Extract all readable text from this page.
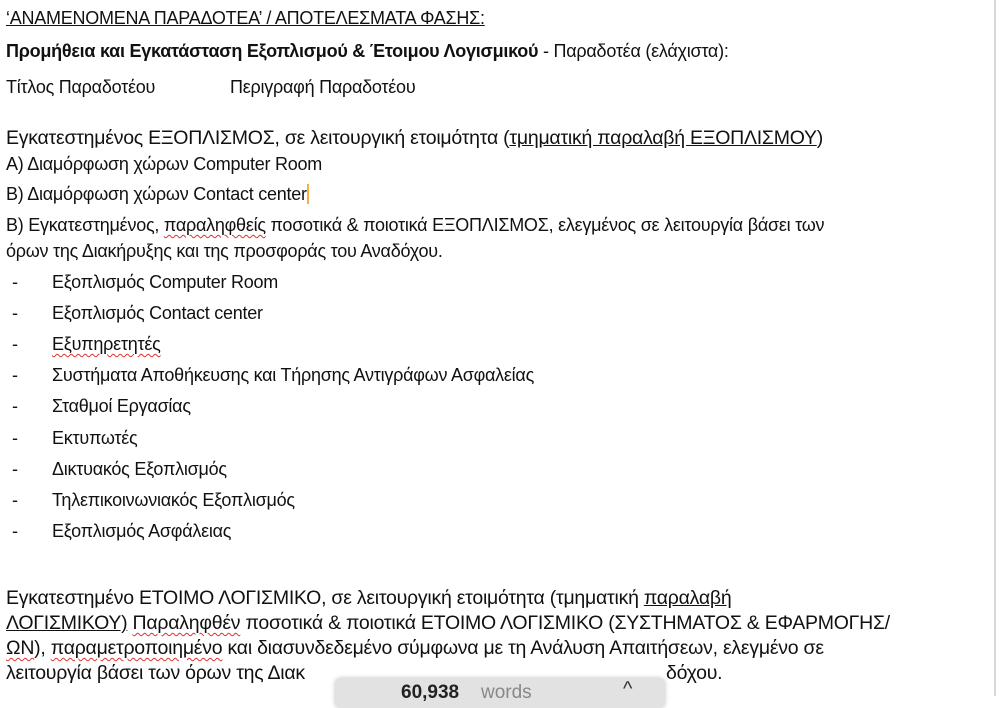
‘ΑΝΑΜΕΝΟΜΕΝΑ ΠΑΡΑΔΟΤΕΑ’ / ΑΠΟΤΕΛΕΣΜΑΤΑ ΦΑΣΗΣ:
Προμήθεια και Εγκατάσταση Εξοπλισμού & Έτοιμου Λογισμικού - Παραδοτέα (ελάχιστα):
Τίτλος Παραδοτέου	Περιγραφή Παραδοτέου
Εγκατεστημένος ΕΞΟΠΛΙΣΜΟΣ, σε λειτουργική ετοιμότητα (τμηματική παραλαβή ΕΞΟΠΛΙΣΜΟΥ)
Α) Διαμόρφωση χώρων Computer Room
Β) Διαμόρφωση χώρων Contact center
Β) Εγκατεστημένος, παραληφθείς ποσοτικά & ποιοτικά ΕΞΟΠΛΙΣΜΟΣ, ελεγμένος σε λειτουργία βάσει των
όρων της Διακήρυξης και της προσφοράς του Αναδόχου.
- Εξοπλισμός Computer Room
- Εξοπλισμός Contact center
- Εξυπηρετητές
- Συστήματα Αποθήκευσης και Τήρησης Αντιγράφων Ασφαλείας
- Σταθμοί Εργασίας
- Εκτυπωτές
- Δικτυακός Εξοπλισμός
- Τηλεπικοινωνιακός Εξοπλισμός
- Εξοπλισμός Ασφάλειας
Εγκατεστημένο ΕΤΟΙΜΟ ΛΟΓΙΣΜΙΚΟ, σε λειτουργική ετοιμότητα (τμηματική παραλαβή
ΛΟΓΙΣΜΙΚΟΥ) Παραληφθέν ποσοτικά & ποιοτικά ΕΤΟΙΜΟ ΛΟΓΙΣΜΙΚΟ (ΣΥΣΤΗΜΑΤΟΣ & ΕΦΑΡΜΟΓΗΣ/
ΩΝ), παραμετροποιημένο και διασυνδεδεμένο σύμφωνα με τη Ανάλυση Απαιτήσεων, ελεγμένο σε
λειτουργία βάσει των όρων της Διακ	δόχου.
60,938 words	^
